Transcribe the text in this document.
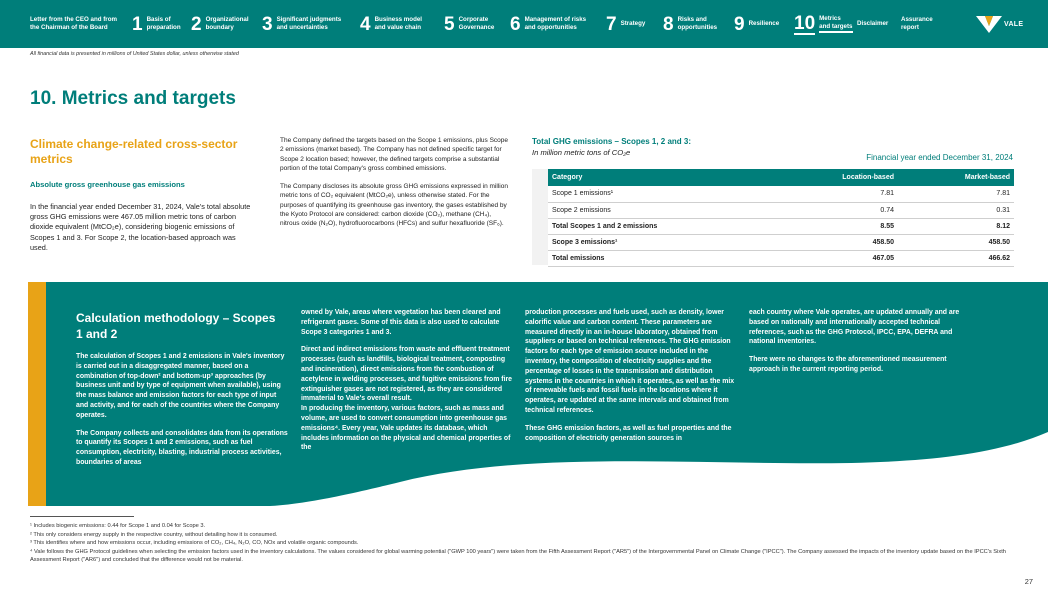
Letter from the CEO and from
the Chairman of the Board	1 Basis of
preparation 2 Organizational
boundary	3 Significant judgments
and uncertainties	4 Business model
and value chain 5 Corporate
Governance 6 Management of risks
and opportunities	7 Strategy 8 Risks and
opportunities 9 Resilience 10 Metrics
and targets Disclaimer
Assurance
report	VALE
All financial data is presented in millions of United States dollar, unless otherwise stated
10. Metrics and targets
Climate change-related cross-sector metrics
Absolute gross greenhouse gas emissions

In the financial year ended December 31, 2024, Vale's total absolute gross GHG emissions were 467.05 million metric tons of carbon dioxide equivalent (MtCO₂e), considering biogenic emissions of Scopes 1 and 3. For Scope 2, the location-based approach was used.

The Company defined the targets based on the Scope 1 emissions, plus Scope 2 emissions (market based). The Company has not defined specific target for Scope 2 location based; however, the defined targets comprise a substantial portion of the total Company's gross combined emissions.

The Company discloses its absolute gross GHG emissions expressed in million metric tons of CO₂ equivalent (MtCO₂e), unless otherwise stated. For the purposes of quantifying its greenhouse gas inventory, the gases established by the Kyoto Protocol are considered: carbon dioxide (CO₂), methane (CH₄), nitrous oxide (N₂O), hydrofluorocarbons (HFCs) and sulfur hexafluoride (SF₆).

Total GHG emissions – Scopes 1, 2 and 3:
In million metric tons of CO₂e
Financial year ended December 31, 2024
Category	Location-based	Market-based
Scope 1 emissions¹	7.81	7.81
Scope 2 emissions	0.74	0.31
Total Scopes 1 and 2 emissions	8.55	8.12
Scope 3 emissions¹	458.50	458.50
Total emissions	467.05	466.62
Calculation methodology – Scopes 1 and 2

The calculation of Scopes 1 and 2 emissions in Vale's inventory is carried out in a disaggregated manner, based on a combination of top-down² and bottom-up³ approaches (by business unit and by type of equipment when available), using the mass balance and emission factors for each type of input and activity, and for each of the countries where the Company operates.

The Company collects and consolidates data from its operations to quantify its Scopes 1 and 2 emissions, such as fuel consumption, electricity, blasting, industrial process activities, boundaries of areas

owned by Vale, areas where vegetation has been cleared and refrigerant gases. Some of this data is also used to calculate Scope 3 categories 1 and 3.

Direct and indirect emissions from waste and effluent treatment processes (such as landfills, biological treatment, composting and incineration), direct emissions from the combustion of acetylene in welding processes, and fugitive emissions from fire extinguisher gases are not registered, as they are considered immaterial to Vale's overall result.

In producing the inventory, various factors, such as mass and volume, are used to convert consumption into greenhouse gas emissions⁴. Every year, Vale updates its database, which includes information on the physical and chemical properties of the

production processes and fuels used, such as density, lower calorific value and carbon content. These parameters are measured directly in an in-house laboratory, obtained from suppliers or based on technical references. The GHG emission factors for each type of emission source included in the inventory, the composition of electricity supplies and the percentage of losses in the transmission and distribution systems in the countries in which it operates, as well as the mix of renewable fuels and fossil fuels in the locations where it operates, are updated at the same intervals and obtained from technical references.

These GHG emission factors, as well as fuel properties and the composition of electricity generation sources in

each country where Vale operates, are updated annually and are based on nationally and internationally accepted technical references, such as the GHG Protocol, IPCC, EPA, DEFRA and national inventories.

There were no changes to the aforementioned measurement approach in the current reporting period.

¹ Includes biogenic emissions: 0.44 for Scope 1 and 0.04 for Scope 3.
² This only considers energy supply in the respective country, without detailing how it is consumed.
³ This identifies where and how emissions occur, including emissions of CO₂, CH₄, N₂O, CO, NOx and volatile organic compounds.
⁴ Vale follows the GHG Protocol guidelines when selecting the emission factors used in the inventory calculations. The values considered for global warming potential ("GWP 100 years") were taken from the Fifth Assessment Report ("AR5") of the Intergovernmental Panel on Climate Change ("IPCC"). The Company assessed the impacts of the inventory update based on the IPCC's Sixth Assessment Report ("AR6") and concluded that the difference would not be material.
27
